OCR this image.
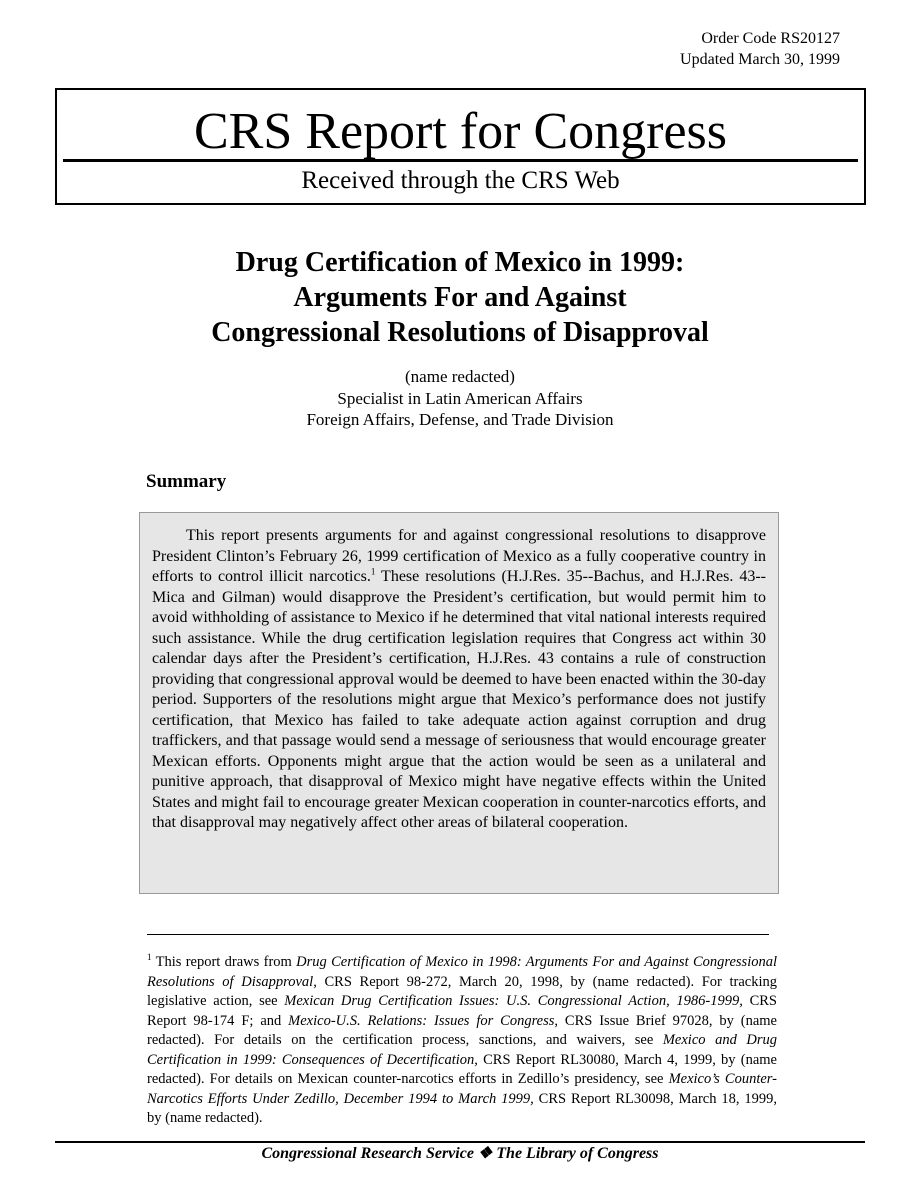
Order Code RS20127
Updated March 30, 1999
CRS Report for Congress
Received through the CRS Web
Drug Certification of Mexico in 1999:
Arguments For and Against
Congressional Resolutions of Disapproval
(name redacted)
Specialist in Latin American Affairs
Foreign Affairs, Defense, and Trade Division
Summary

This report presents arguments for and against congressional resolutions to disapprove President Clinton’s February 26, 1999 certification of Mexico as a fully cooperative country in efforts to control illicit narcotics.$^1$ These resolutions (H.J.Res. 35--Bachus, and H.J.Res. 43--Mica and Gilman) would disapprove the President’s certification, but would permit him to avoid withholding of assistance to Mexico if he determined that vital national interests required such assistance. While the drug certification legislation requires that Congress act within 30 calendar days after the President’s certification, H.J.Res. 43 contains a rule of construction providing that congressional approval would be deemed to have been enacted within the 30-day period. Supporters of the resolutions might argue that Mexico’s performance does not justify certification, that Mexico has failed to take adequate action against corruption and drug traffickers, and that passage would send a message of seriousness that would encourage greater Mexican efforts. Opponents might argue that the action would be seen as a unilateral and punitive approach, that disapproval of Mexico might have negative effects within the United States and might fail to encourage greater Mexican cooperation in counter-narcotics efforts, and that disapproval may negatively affect other areas of bilateral cooperation.

$^1$ This report draws from Drug Certification of Mexico in 1998: Arguments For and Against Congressional Resolutions of Disapproval, CRS Report 98-272, March 20, 1998, by (name redacted). For tracking legislative action, see Mexican Drug Certification Issues: U.S. Congressional Action, 1986-1999, CRS Report 98-174 F; and Mexico-U.S. Relations: Issues for Congress, CRS Issue Brief 97028, by (name redacted). For details on the certification process, sanctions, and waivers, see Mexico and Drug Certification in 1999: Consequences of Decertification, CRS Report RL30080, March 4, 1999, by (name redacted). For details on Mexican counter-narcotics efforts in Zedillo’s presidency, see Mexico’s Counter-Narcotics Efforts Under Zedillo, December 1994 to March 1999, CRS Report RL30098, March 18, 1999, by (name redacted).

Congressional Research Service ❖ The Library of Congress
